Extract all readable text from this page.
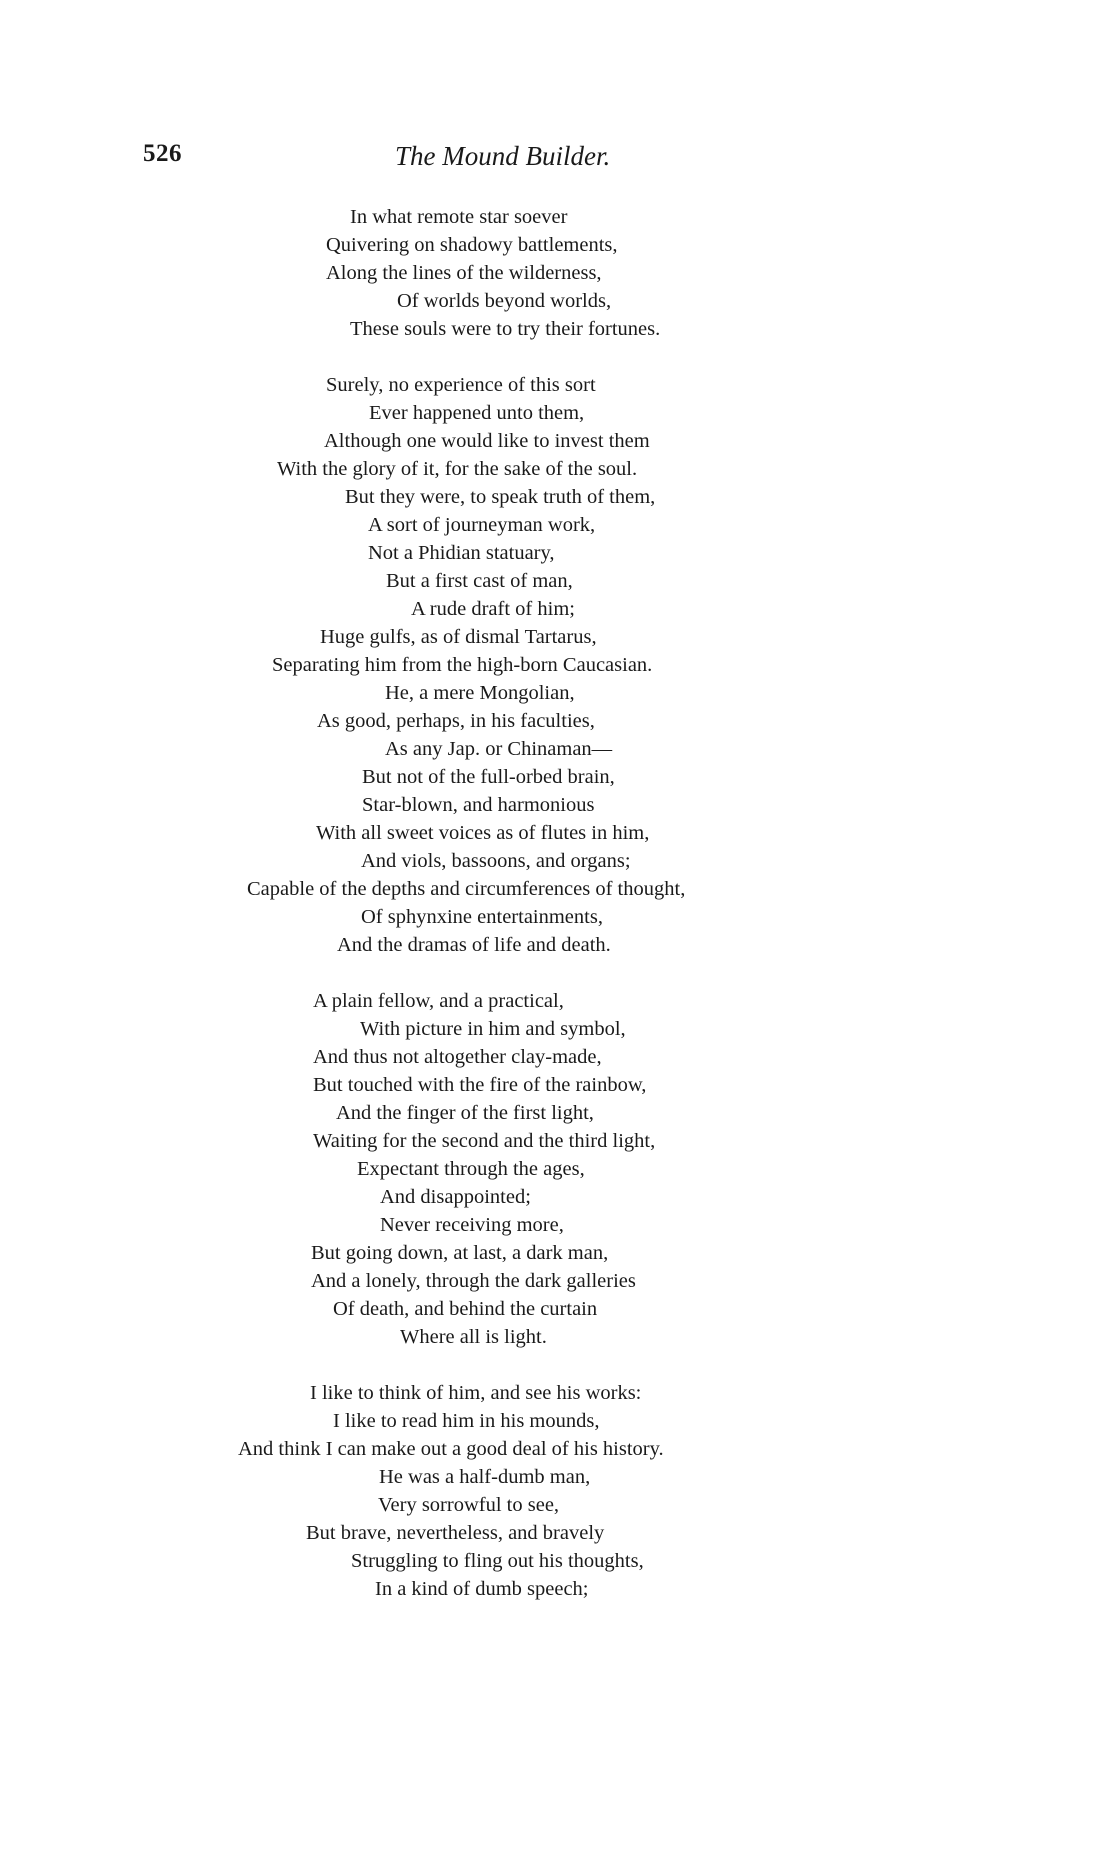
526	The Mound Builder.
In what remote star soever
Quivering on shadowy battlements,
Along the lines of the wilderness,
Of worlds beyond worlds,
These souls were to try their fortunes.
Surely, no experience of this sort
Ever happened unto them,
Although one would like to invest them
With the glory of it, for the sake of the soul.
But they were, to speak truth of them,
A sort of journeyman work,
Not a Phidian statuary,
But a first cast of man,
A rude draft of him;
Huge gulfs, as of dismal Tartarus,
Separating him from the high-born Caucasian.
He, a mere Mongolian,
As good, perhaps, in his faculties,
As any Jap. or Chinaman—
But not of the full-orbed brain,
Star-blown, and harmonious
With all sweet voices as of flutes in him,
And viols, bassoons, and organs;
Capable of the depths and circumferences of thought,
Of sphynxine entertainments,
And the dramas of life and death.
A plain fellow, and a practical,
With picture in him and symbol,
And thus not altogether clay-made,
But touched with the fire of the rainbow,
And the finger of the first light,
Waiting for the second and the third light,
Expectant through the ages,
And disappointed;
Never receiving more,
But going down, at last, a dark man,
And a lonely, through the dark galleries
Of death, and behind the curtain
Where all is light.
I like to think of him, and see his works:
I like to read him in his mounds,
And think I can make out a good deal of his history.
He was a half-dumb man,
Very sorrowful to see,
But brave, nevertheless, and bravely
Struggling to fling out his thoughts,
In a kind of dumb speech;
